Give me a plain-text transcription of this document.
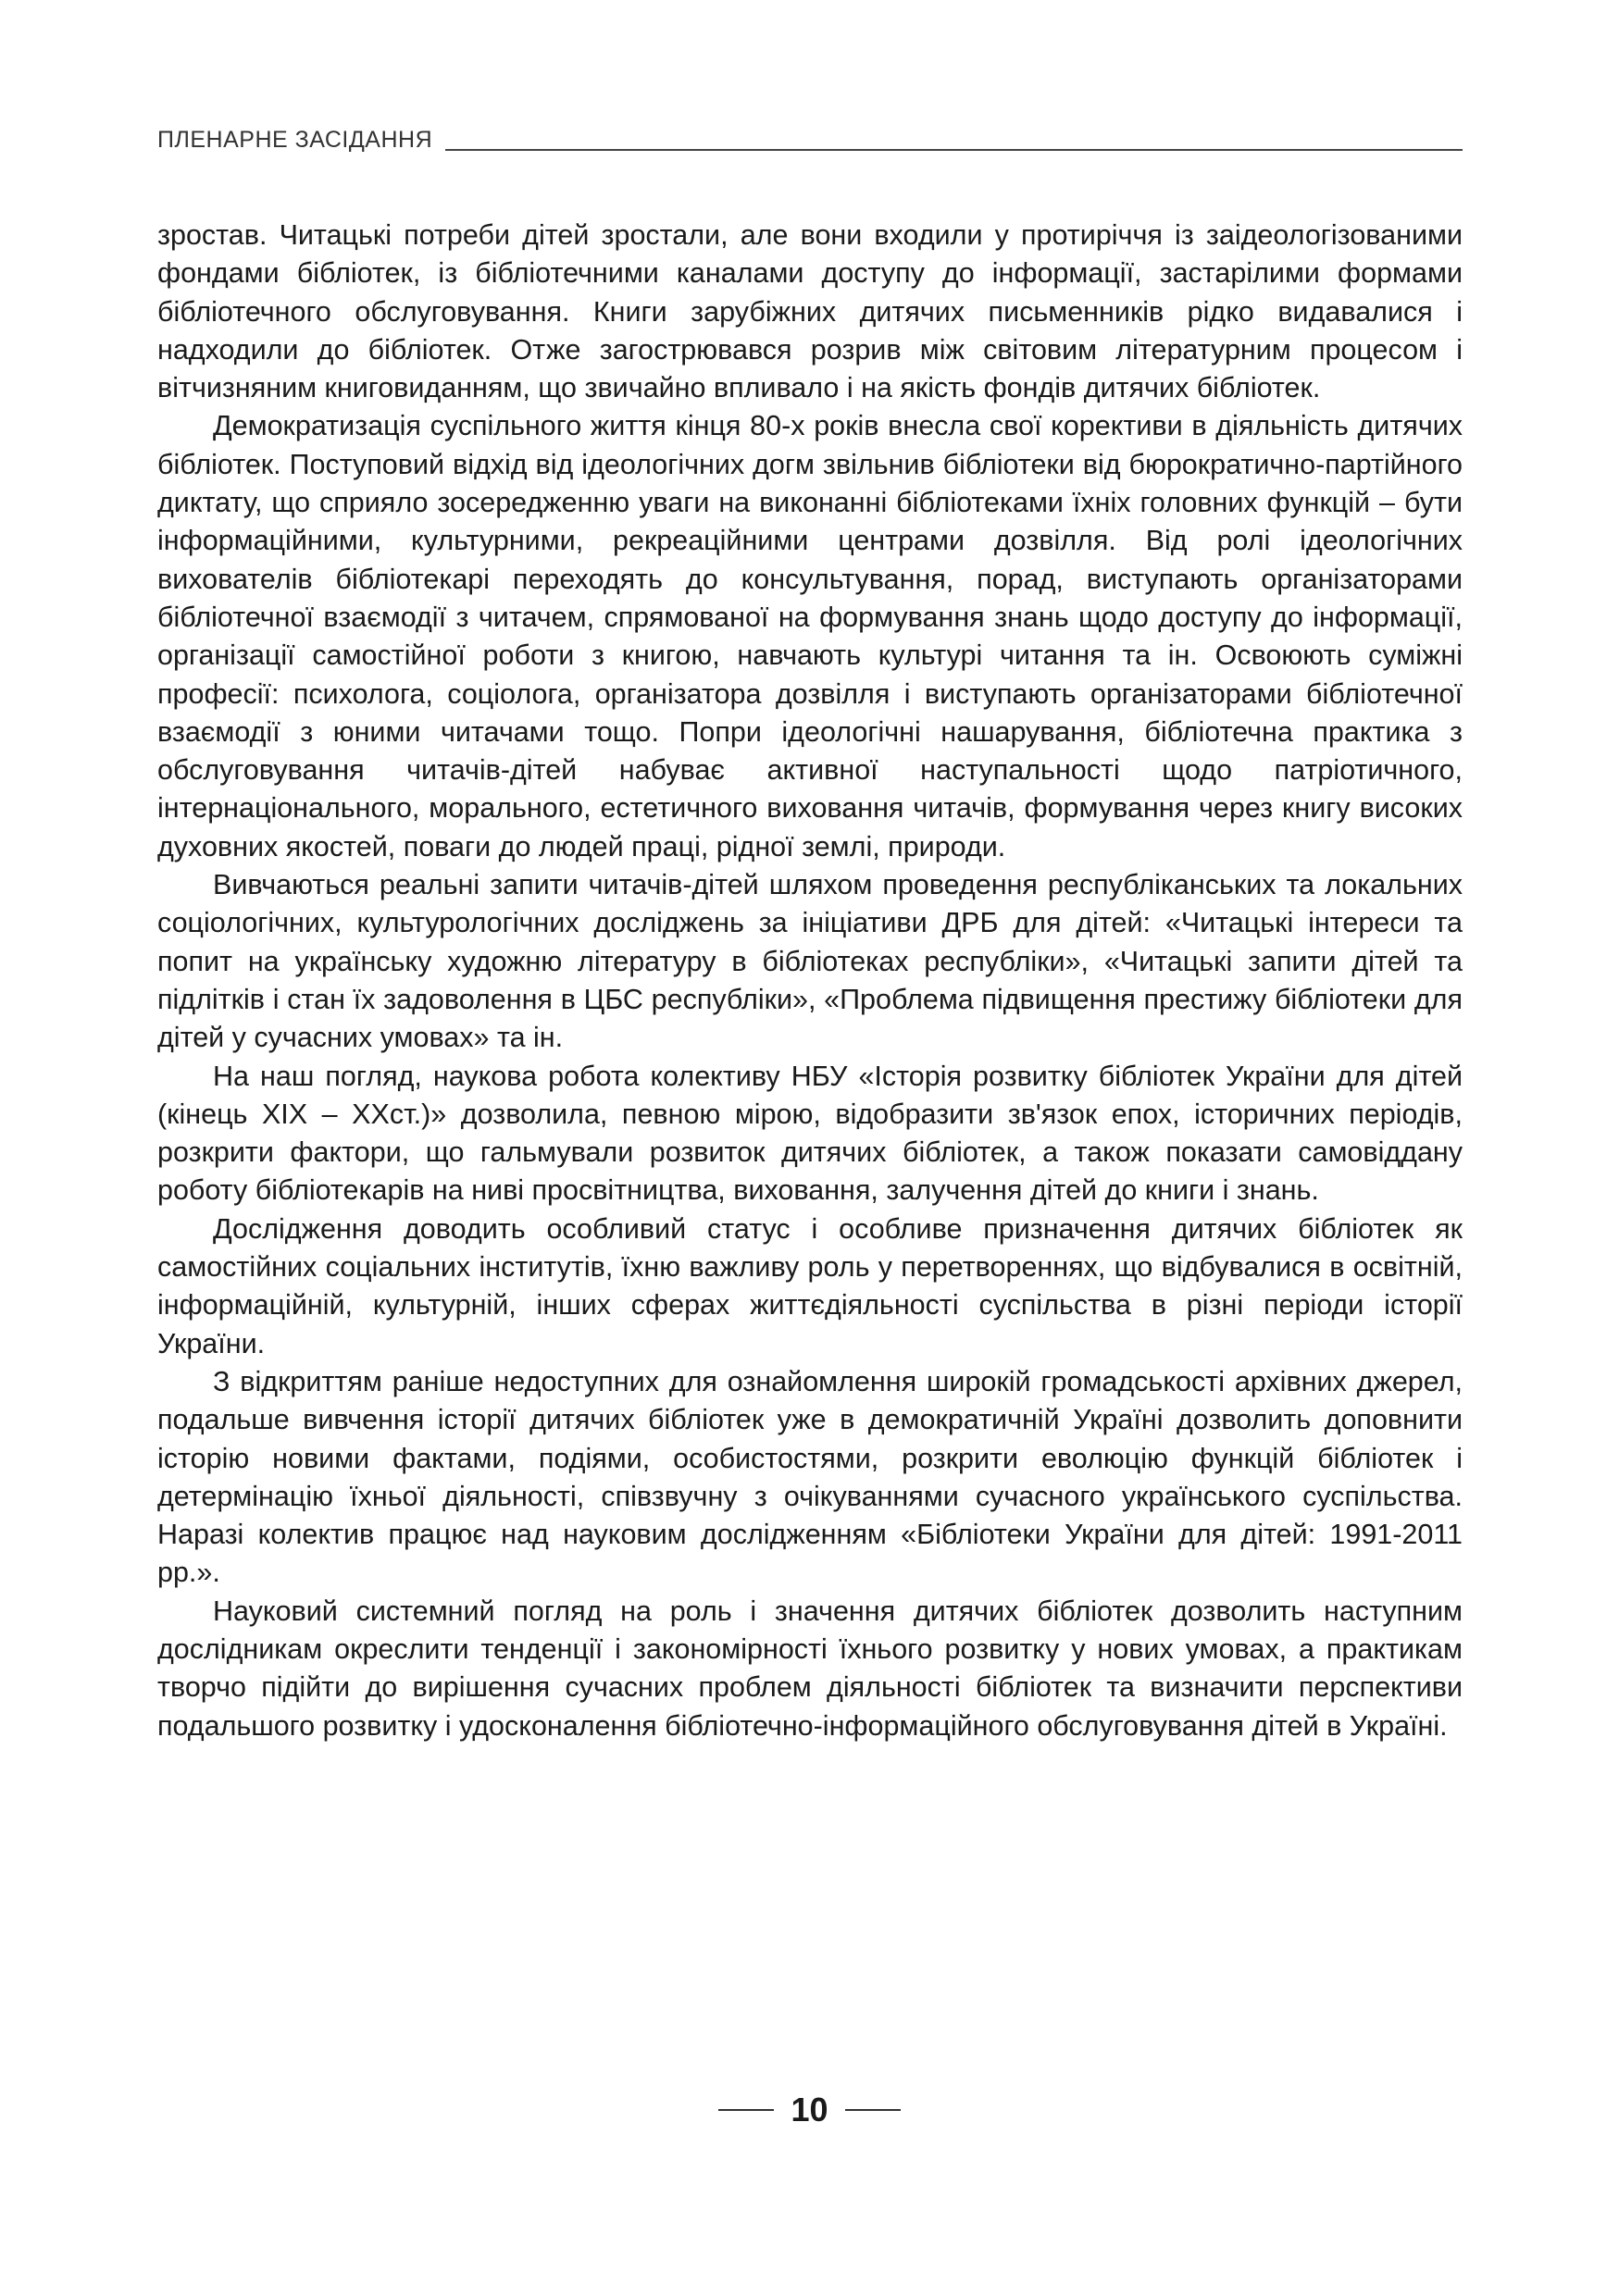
ПЛЕНАРНЕ ЗАСІДАННЯ

зростав. Читацькі потреби дітей зростали, але вони входили у протиріччя із заідеологізованими фондами бібліотек, із бібліотечними каналами доступу до інформації, застарілими формами бібліотечного обслуговування. Книги зарубіжних дитячих письменників рідко видавалися і надходили до бібліотек. Отже загострювався розрив між світовим літературним процесом і вітчизняним книговиданням, що звичайно впливало і на якість фондів дитячих бібліотек.

Демократизація суспільного життя кінця 80-х років внесла свої корективи в діяльність дитячих бібліотек. Поступовий відхід від ідеологічних догм звільнив бібліотеки від бюрократично-партійного диктату, що сприяло зосередженню уваги на виконанні бібліотеками їхніх головних функцій – бути інформаційними, культурними, рекреаційними центрами дозвілля. Від ролі ідеологічних вихователів бібліотекарі переходять до консультування, порад, виступають організаторами бібліотечної взаємодії з читачем, спрямованої на формування знань щодо доступу до інформації, організації самостійної роботи з книгою, навчають культурі читання та ін. Освоюють суміжні професії: психолога, соціолога, організатора дозвілля і виступають організаторами бібліотечної взаємодії з юними читачами тощо. Попри ідеологічні нашарування, бібліотечна практика з обслуговування читачів-дітей набуває активної наступальності щодо патріотичного, інтернаціонального, морального, естетичного виховання читачів, формування через книгу високих духовних якостей, поваги до людей праці, рідної землі, природи.

Вивчаються реальні запити читачів-дітей шляхом проведення республіканських та локальних соціологічних, культурологічних досліджень за ініціативи ДРБ для дітей: «Читацькі інтереси та попит на українську художню літературу в бібліотеках республіки», «Читацькі запити дітей та підлітків і стан їх задоволення в ЦБС республіки», «Проблема підвищення престижу бібліотеки для дітей у сучасних умовах» та ін.

На наш погляд, наукова робота колективу НБУ «Історія розвитку бібліотек України для дітей (кінець ХІХ – ХХст.)» дозволила, певною мірою, відобразити зв'язок епох, історичних періодів, розкрити фактори, що гальмували розвиток дитячих бібліотек, а також показати самовіддану роботу бібліотекарів на ниві просвітництва, виховання, залучення дітей до книги і знань.

Дослідження доводить особливий статус і особливе призначення дитячих бібліотек як самостійних соціальних інститутів, їхню важливу роль у перетвореннях, що відбувалися в освітній, інформаційній, культурній, інших сферах життєдіяльності суспільства в різні періоди історії України.

З відкриттям раніше недоступних для ознайомлення широкій громадськості архівних джерел, подальше вивчення історії дитячих бібліотек уже в демократичній Україні дозволить доповнити історію новими фактами, подіями, особистостями, розкрити еволюцію функцій бібліотек і детермінацію їхньої діяльності, співзвучну з очікуваннями сучасного українського суспільства. Наразі колектив працює над науковим дослідженням «Бібліотеки України для дітей: 1991-2011 рр.».

Науковий системний погляд на роль і значення дитячих бібліотек дозволить наступним дослідникам окреслити тенденції і закономірності їхнього розвитку у нових умовах, а практикам творчо підійти до вирішення сучасних проблем діяльності бібліотек та визначити перспективи подальшого розвитку і удосконалення бібліотечно-інформаційного обслуговування дітей в Україні.

10
